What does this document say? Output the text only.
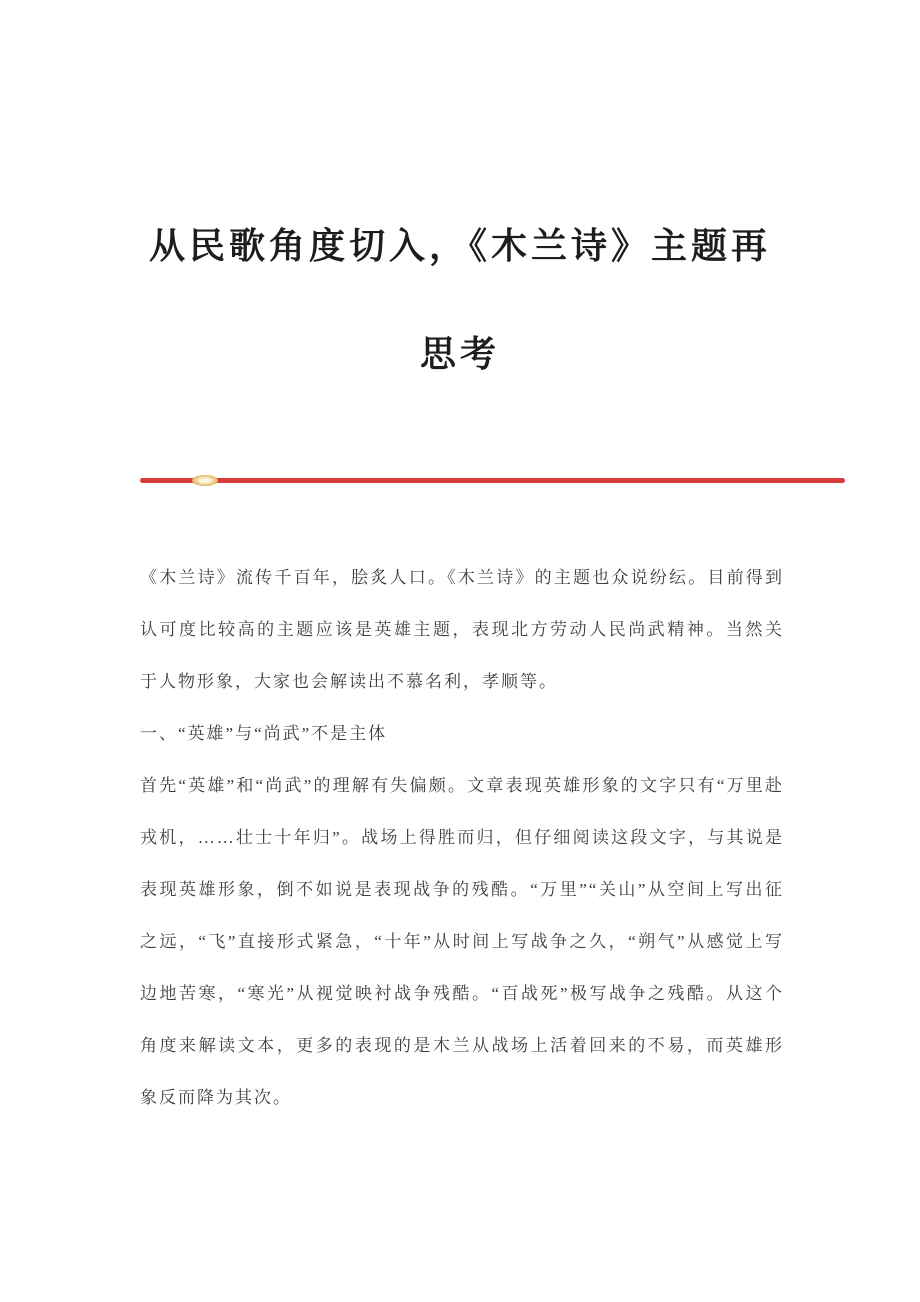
从民歌角度切入，《木兰诗》主题再思考

《木兰诗》流传千百年，脍炙人口。《木兰诗》的主题也众说纷纭。目前得到认可度比较高的主题应该是英雄主题，表现北方劳动人民尚武精神。当然关于人物形象，大家也会解读出不慕名利，孝顺等。

一、“英雄”与“尚武”不是主体

首先“英雄”和“尚武”的理解有失偏颇。文章表现英雄形象的文字只有“万里赴戎机，……壮士十年归”。战场上得胜而归，但仔细阅读这段文字，与其说是表现英雄形象，倒不如说是表现战争的残酷。“万里”“关山”从空间上写出征之远，“飞”直接形式紧急，“十年”从时间上写战争之久，“朔气”从感觉上写边地苦寒，“寒光”从视觉映衬战争残酷。“百战死”极写战争之残酷。从这个角度来解读文本，更多的表现的是木兰从战场上活着回来的不易，而英雄形象反而降为其次。
